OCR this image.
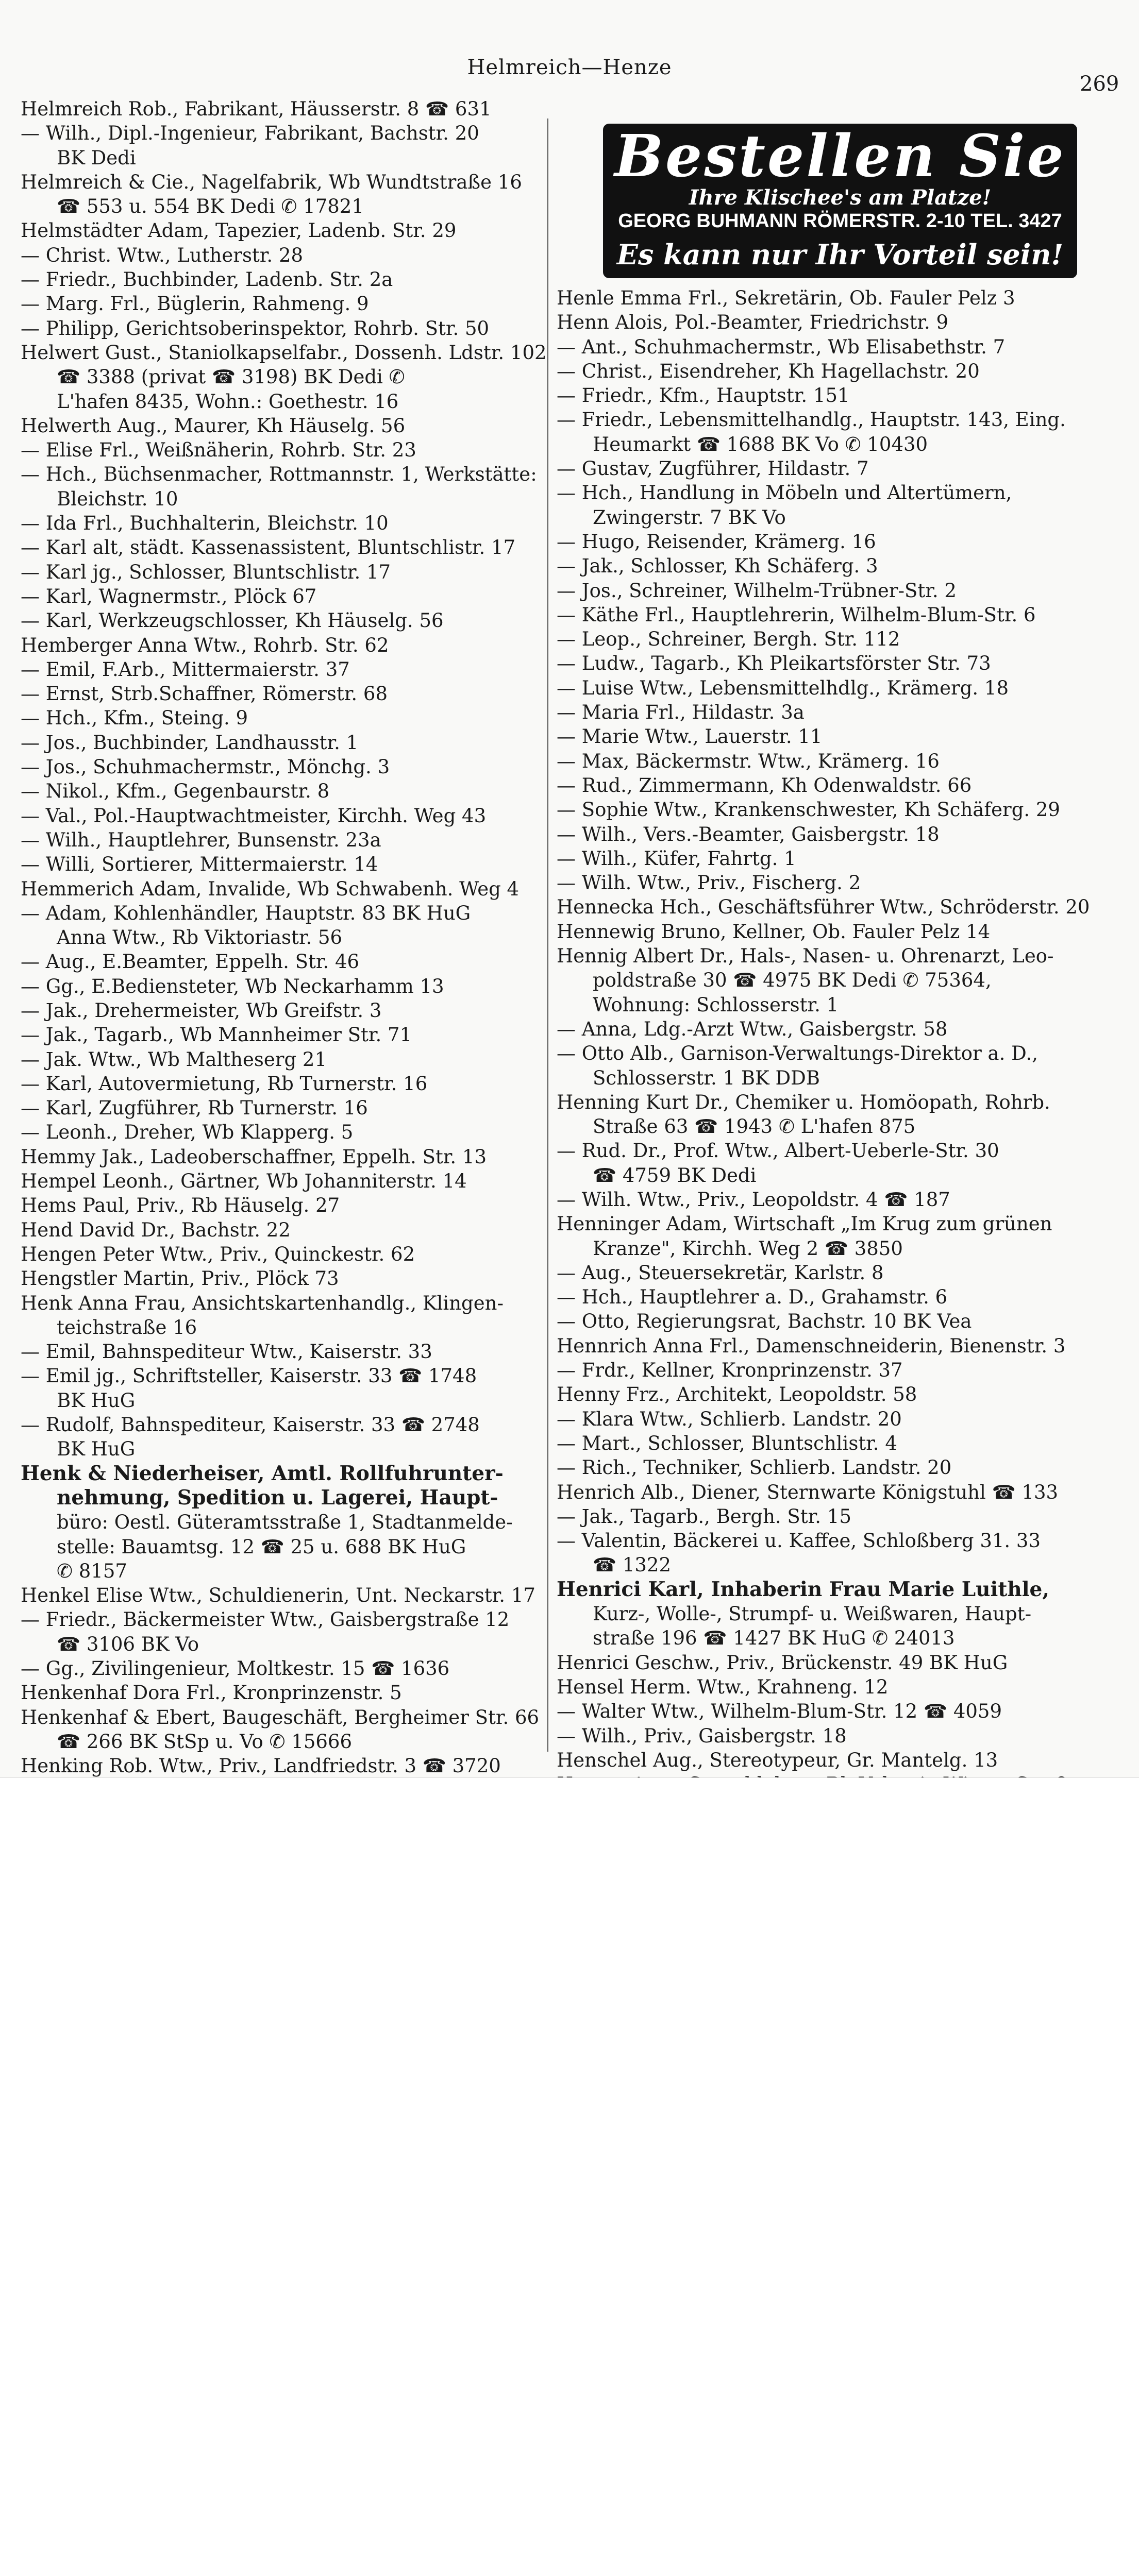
Helmreich—Henze
269
Helmreich Rob., Fabrikant, Häusserstr. 8 ☎ 631
— Wilh., Dipl.-Ingenieur, Fabrikant, Bachstr. 20
BK Dedi
Helmreich & Cie., Nagelfabrik, Wb Wundtstraße 16
☎ 553 u. 554 BK Dedi ✆ 17821
Helmstädter Adam, Tapezier, Ladenb. Str. 29
— Christ. Wtw., Lutherstr. 28
— Friedr., Buchbinder, Ladenb. Str. 2a
— Marg. Frl., Büglerin, Rahmeng. 9
— Philipp, Gerichtsoberinspektor, Rohrb. Str. 50
Helwert Gust., Staniolkapselfabr., Dossenh. Ldstr. 102
☎ 3388 (privat ☎ 3198) BK Dedi ✆
L'hafen 8435, Wohn.: Goethestr. 16
Helwerth Aug., Maurer, Kh Häuselg. 56
— Elise Frl., Weißnäherin, Rohrb. Str. 23
— Hch., Büchsenmacher, Rottmannstr. 1, Werkstätte:
Bleichstr. 10
— Ida Frl., Buchhalterin, Bleichstr. 10
— Karl alt, städt. Kassenassistent, Bluntschlistr. 17
— Karl jg., Schlosser, Bluntschlistr. 17
— Karl, Wagnermstr., Plöck 67
— Karl, Werkzeugschlosser, Kh Häuselg. 56
Hemberger Anna Wtw., Rohrb. Str. 62
— Emil, F.Arb., Mittermaierstr. 37
— Ernst, Strb.Schaffner, Römerstr. 68
— Hch., Kfm., Steing. 9
— Jos., Buchbinder, Landhausstr. 1
— Jos., Schuhmachermstr., Mönchg. 3
— Nikol., Kfm., Gegenbaurstr. 8
— Val., Pol.-Hauptwachtmeister, Kirchh. Weg 43
— Wilh., Hauptlehrer, Bunsenstr. 23a
— Willi, Sortierer, Mittermaierstr. 14
Hemmerich Adam, Invalide, Wb Schwabenh. Weg 4
— Adam, Kohlenhändler, Hauptstr. 83 BK HuG
Anna Wtw., Rb Viktoriastr. 56
— Aug., E.Beamter, Eppelh. Str. 46
— Gg., E.Bediensteter, Wb Neckarhamm 13
— Jak., Drehermeister, Wb Greifstr. 3
— Jak., Tagarb., Wb Mannheimer Str. 71
— Jak. Wtw., Wb Maltheserg 21
— Karl, Autovermietung, Rb Turnerstr. 16
— Karl, Zugführer, Rb Turnerstr. 16
— Leonh., Dreher, Wb Klapperg. 5
Hemmy Jak., Ladeoberschaffner, Eppelh. Str. 13
Hempel Leonh., Gärtner, Wb Johanniterstr. 14
Hems Paul, Priv., Rb Häuselg. 27
Hend David Dr., Bachstr. 22
Hengen Peter Wtw., Priv., Quinckestr. 62
Hengstler Martin, Priv., Plöck 73
Henk Anna Frau, Ansichtskartenhandlg., Klingen-
teichstraße 16
— Emil, Bahnspediteur Wtw., Kaiserstr. 33
— Emil jg., Schriftsteller, Kaiserstr. 33 ☎ 1748
BK HuG
— Rudolf, Bahnspediteur, Kaiserstr. 33 ☎ 2748
BK HuG
Henk & Niederheiser, Amtl. Rollfuhrunter-
nehmung, Spedition u. Lagerei, Haupt-
büro: Oestl. Güteramtsstraße 1, Stadtanmelde-
stelle: Bauamtsg. 12 ☎ 25 u. 688 BK HuG
✆ 8157
Henkel Elise Wtw., Schuldienerin, Unt. Neckarstr. 17
— Friedr., Bäckermeister Wtw., Gaisbergstraße 12
☎ 3106 BK Vo
— Gg., Zivilingenieur, Moltkestr. 15 ☎ 1636
Henkenhaf Dora Frl., Kronprinzenstr. 5
Henkenhaf & Ebert, Baugeschäft, Bergheimer Str. 66
☎ 266 BK StSp u. Vo ✆ 15666
Henking Rob. Wtw., Priv., Landfriedstr. 3 ☎ 3720
Bestellen Sie
Ihre Klischee's am Platze!
GEORG BUHMANN RÖMERSTR. 2-10 TEL. 3427
Es kann nur Ihr Vorteil sein!
Henle Emma Frl., Sekretärin, Ob. Fauler Pelz 3
Henn Alois, Pol.-Beamter, Friedrichstr. 9
— Ant., Schuhmachermstr., Wb Elisabethstr. 7
— Christ., Eisendreher, Kh Hagellachstr. 20
— Friedr., Kfm., Hauptstr. 151
— Friedr., Lebensmittelhandlg., Hauptstr. 143, Eing.
Heumarkt ☎ 1688 BK Vo ✆ 10430
— Gustav, Zugführer, Hildastr. 7
— Hch., Handlung in Möbeln und Altertümern,
Zwingerstr. 7 BK Vo
— Hugo, Reisender, Krämerg. 16
— Jak., Schlosser, Kh Schäferg. 3
— Jos., Schreiner, Wilhelm-Trübner-Str. 2
— Käthe Frl., Hauptlehrerin, Wilhelm-Blum-Str. 6
— Leop., Schreiner, Bergh. Str. 112
— Ludw., Tagarb., Kh Pleikartsförster Str. 73
— Luise Wtw., Lebensmittelhdlg., Krämerg. 18
— Maria Frl., Hildastr. 3a
— Marie Wtw., Lauerstr. 11
— Max, Bäckermstr. Wtw., Krämerg. 16
— Rud., Zimmermann, Kh Odenwaldstr. 66
— Sophie Wtw., Krankenschwester, Kh Schäferg. 29
— Wilh., Vers.-Beamter, Gaisbergstr. 18
— Wilh., Küfer, Fahrtg. 1
— Wilh. Wtw., Priv., Fischerg. 2
Hennecka Hch., Geschäftsführer Wtw., Schröderstr. 20
Hennewig Bruno, Kellner, Ob. Fauler Pelz 14
Hennig Albert Dr., Hals-, Nasen- u. Ohrenarzt, Leo-
poldstraße 30 ☎ 4975 BK Dedi ✆ 75364,
Wohnung: Schlosserstr. 1
— Anna, Ldg.-Arzt Wtw., Gaisbergstr. 58
— Otto Alb., Garnison-Verwaltungs-Direktor a. D.,
Schlosserstr. 1 BK DDB
Henning Kurt Dr., Chemiker u. Homöopath, Rohrb.
Straße 63 ☎ 1943 ✆ L'hafen 875
— Rud. Dr., Prof. Wtw., Albert-Ueberle-Str. 30
☎ 4759 BK Dedi
— Wilh. Wtw., Priv., Leopoldstr. 4 ☎ 187
Henninger Adam, Wirtschaft „Im Krug zum grünen
Kranze", Kirchh. Weg 2 ☎ 3850
— Aug., Steuersekretär, Karlstr. 8
— Hch., Hauptlehrer a. D., Grahamstr. 6
— Otto, Regierungsrat, Bachstr. 10 BK Vea
Hennrich Anna Frl., Damenschneiderin, Bienenstr. 3
— Frdr., Kellner, Kronprinzenstr. 37
Henny Frz., Architekt, Leopoldstr. 58
— Klara Wtw., Schlierb. Landstr. 20
— Mart., Schlosser, Bluntschlistr. 4
— Rich., Techniker, Schlierb. Landstr. 20
Henrich Alb., Diener, Sternwarte Königstuhl ☎ 133
— Jak., Tagarb., Bergh. Str. 15
— Valentin, Bäckerei u. Kaffee, Schloßberg 31. 33
☎ 1322
Henrici Karl, Inhaberin Frau Marie Luithle,
Kurz-, Wolle-, Strumpf- u. Weißwaren, Haupt-
straße 196 ☎ 1427 BK HuG ✆ 24013
Henrici Geschw., Priv., Brückenstr. 49 BK HuG
Hensel Herm. Wtw., Krahneng. 12
— Walter Wtw., Wilhelm-Blum-Str. 12 ☎ 4059
— Wilh., Priv., Gaisbergstr. 18
Henschel Aug., Stereotypeur, Gr. Mantelg. 13
